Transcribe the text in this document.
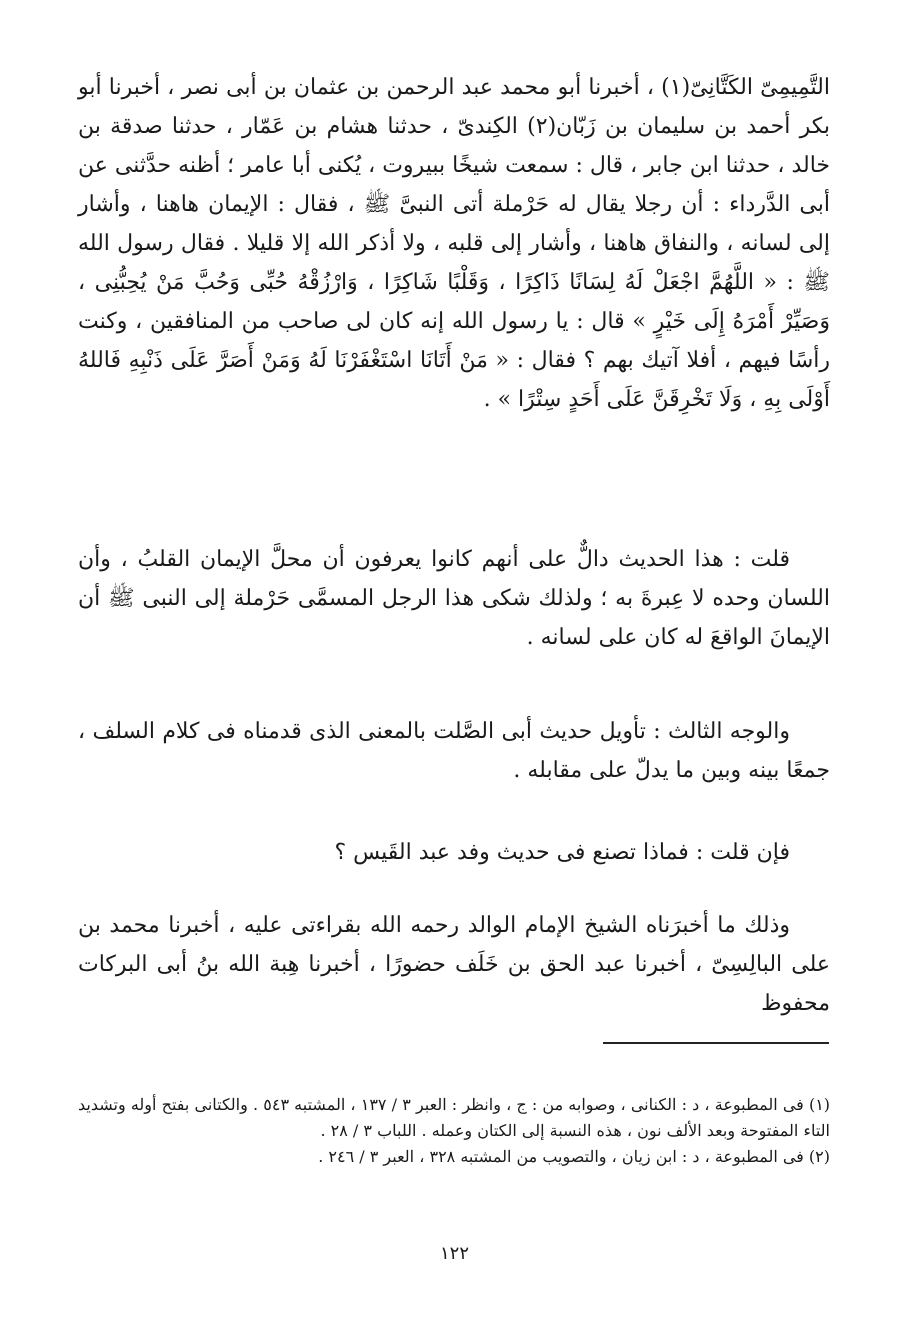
التَّمِيمِىّ الكَتَّانِىّ(١) ، أخبرنا أبو محمد عبد الرحمن بن عثمان بن أبى نصر ، أخبرنا أبو بكر أحمد بن سليمان بن زَبّان(٢) الكِندىّ ، حدثنا هشام بن عَمّار ، حدثنا صدقة بن خالد ، حدثنا ابن جابر ، قال : سمعت شيخًا ببيروت ، يُكنى أبا عامر ؛ أظنه حدَّثنى عن أبى الدَّرداء : أن رجلا يقال له حَرْملة أتى النبىَّ ﷺ ، فقال : الإيمان هاهنا ، وأشار إلى لسانه ، والنفاق هاهنا ، وأشار إلى قلبه ، ولا أذكر الله إلا قليلا . فقال رسول الله ﷺ : « اللَّهُمَّ اجْعَلْ لَهُ لِسَانًا ذَاكِرًا ، وَقَلْبًا شَاكِرًا ، وَارْزُقْهُ حُبِّى وَحُبَّ مَنْ يُحِبُّنِى ، وَصَيِّرْ أَمْرَهُ إِلَى خَيْرٍ » قال : يا رسول الله إنه كان لى صاحب من المنافقين ، وكنت رأسًا فيهم ، أفلا آتيك بهم ؟ فقال : « مَنْ أَتَانَا اسْتَغْفَرْنَا لَهُ وَمَنْ أَصَرَّ عَلَى ذَنْبِهِ فَاللهُ أَوْلَى بِهِ ، وَلَا تَخْرِقَنَّ عَلَى أَحَدٍ سِتْرًا » .

قلت : هذا الحديث دالٌّ على أنهم كانوا يعرفون أن محلَّ الإيمان القلبُ ، وأن اللسان وحده لا عِبرةَ به ؛ ولذلك شكى هذا الرجل المسمَّى حَرْملة إلى النبى ﷺ أن الإيمانَ الواقعَ له كان على لسانه .

والوجه الثالث : تأويل حديث أبى الصَّلت بالمعنى الذى قدمناه فى كلام السلف ، جمعًا بينه وبين ما يدلّ على مقابله .

فإن قلت : فماذا تصنع فى حديث وفد عبد القَيس ؟

وذلك ما أخبرَناه الشيخ الإمام الوالد رحمه الله بقراءتى عليه ، أخبرنا محمد بن على البالِسِىّ ، أخبرنا عبد الحق بن خَلَف حضورًا ، أخبرنا هِبة الله بنُ أبى البركات محفوظ

(١) فى المطبوعة ، د : الكنانى ، وصوابه من : ج ، وانظر : العبر ٣ / ١٣٧ ، المشتبه ٥٤٣ . والكتانى بفتح أوله وتشديد التاء المفتوحة وبعد الألف نون ، هذه النسبة إلى الكتان وعمله . اللباب ٣ / ٢٨ .

(٢) فى المطبوعة ، د : ابن زيان ، والتصويب من المشتبه ٣٢٨ ، العبر ٣ / ٢٤٦ .

١٢٢
